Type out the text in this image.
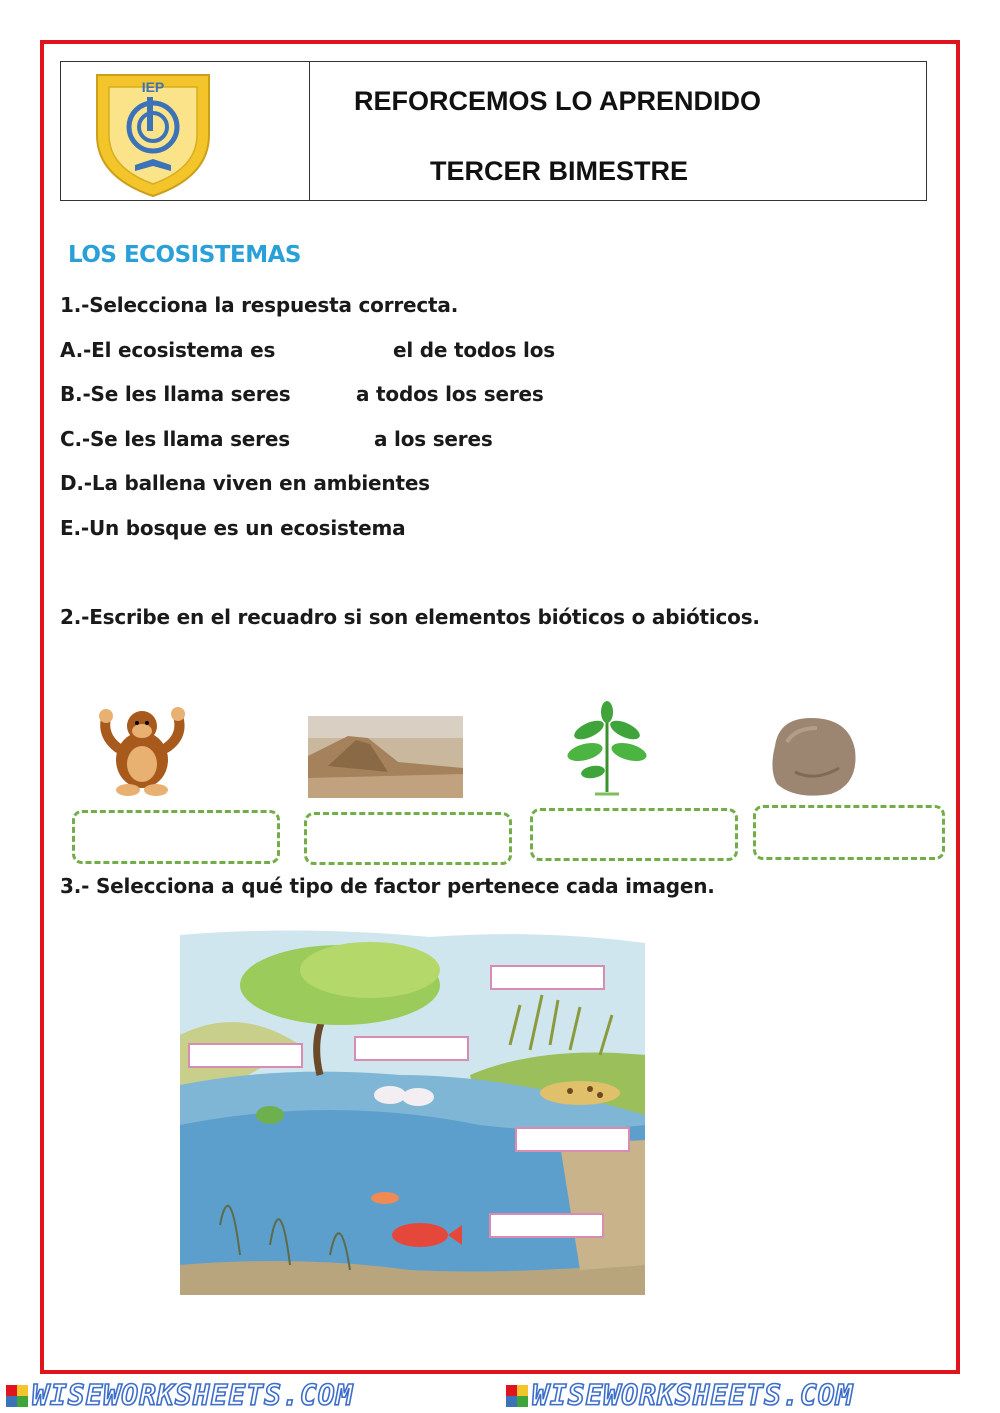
IEP	REFORCEMOS LO APRENDIDO
TERCER BIMESTRE
LOS ECOSISTEMAS
1.-Selecciona la respuesta correcta.
A.-El ecosistema es	el de todos los
B.-Se les llama seres	a todos los seres
C.-Se les llama seres	a los seres
D.-La ballena viven en ambientes
E.-Un bosque es un ecosistema
2.-Escribe en el recuadro si son elementos bióticos o abióticos.
3.- Selecciona a qué tipo de factor pertenece cada imagen.
WISEWORKSHEETS.COM	WISEWORKSHEETS.COM
